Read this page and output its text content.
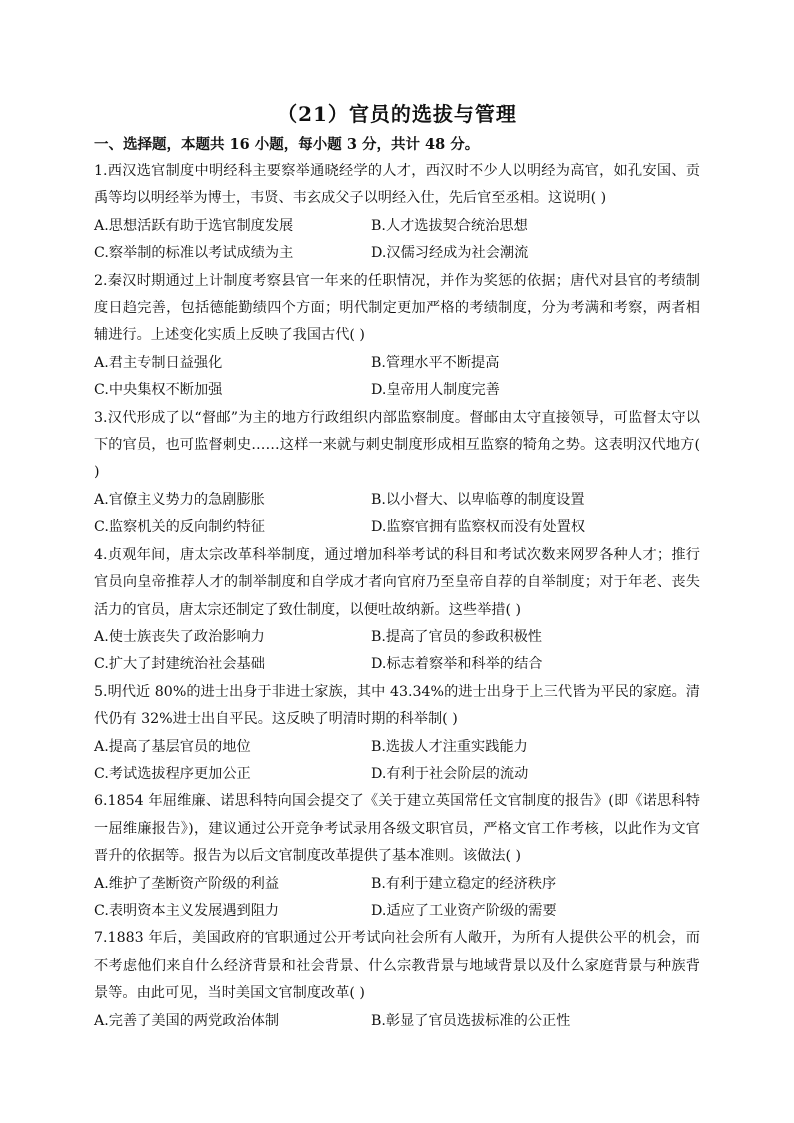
（21）官员的选拔与管理
一、选择题，本题共 16 小题，每小题 3 分，共计 48 分。

1.西汉选官制度中明经科主要察举通晓经学的人才，西汉时不少人以明经为高官，如孔安国、贡禹等均以明经举为博士，韦贤、韦玄成父子以明经入仕，先后官至丞相。这说明( )

A.思想活跃有助于选官制度发展	B.人才选拔契合统治思想
C.察举制的标准以考试成绩为主	D.汉儒习经成为社会潮流

2.秦汉时期通过上计制度考察县官一年来的任职情况，并作为奖惩的依据；唐代对县官的考绩制度日趋完善，包括德能勤绩四个方面；明代制定更加严格的考绩制度，分为考满和考察，两者相辅进行。上述变化实质上反映了我国古代( )

A.君主专制日益强化	B.管理水平不断提高
C.中央集权不断加强	D.皇帝用人制度完善

3.汉代形成了以“督邮”为主的地方行政组织内部监察制度。督邮由太守直接领导，可监督太守以下的官员，也可监督刺史……这样一来就与刺史制度形成相互监察的犄角之势。这表明汉代地方( )

A.官僚主义势力的急剧膨胀	B.以小督大、以卑临尊的制度设置
C.监察机关的反向制约特征	D.监察官拥有监察权而没有处置权

4.贞观年间，唐太宗改革科举制度，通过增加科举考试的科目和考试次数来网罗各种人才；推行官员向皇帝推荐人才的制举制度和自学成才者向官府乃至皇帝自荐的自举制度；对于年老、丧失活力的官员，唐太宗还制定了致仕制度，以便吐故纳新。这些举措( )

A.使士族丧失了政治影响力	B.提高了官员的参政积极性
C.扩大了封建统治社会基础	D.标志着察举和科举的结合

5.明代近 80%的进士出身于非进士家族，其中 43.34%的进士出身于上三代皆为平民的家庭。清代仍有 32%进士出自平民。这反映了明清时期的科举制( )

A.提高了基层官员的地位	B.选拔人才注重实践能力
C.考试选拔程序更加公正	D.有利于社会阶层的流动

6.1854 年屈维廉、诺思科特向国会提交了《关于建立英国常任文官制度的报告》(即《诺思科特一屈维廉报告》)，建议通过公开竞争考试录用各级文职官员，严格文官工作考核，以此作为文官晋升的依据等。报告为以后文官制度改革提供了基本准则。该做法( )

A.维护了垄断资产阶级的利益	B.有利于建立稳定的经济秩序
C.表明资本主义发展遇到阻力	D.适应了工业资产阶级的需要

7.1883 年后，美国政府的官职通过公开考试向社会所有人敞开，为所有人提供公平的机会，而不考虑他们来自什么经济背景和社会背景、什么宗教背景与地域背景以及什么家庭背景与种族背景等。由此可见，当时美国文官制度改革( )

A.完善了美国的两党政治体制	B.彰显了官员选拔标准的公正性
